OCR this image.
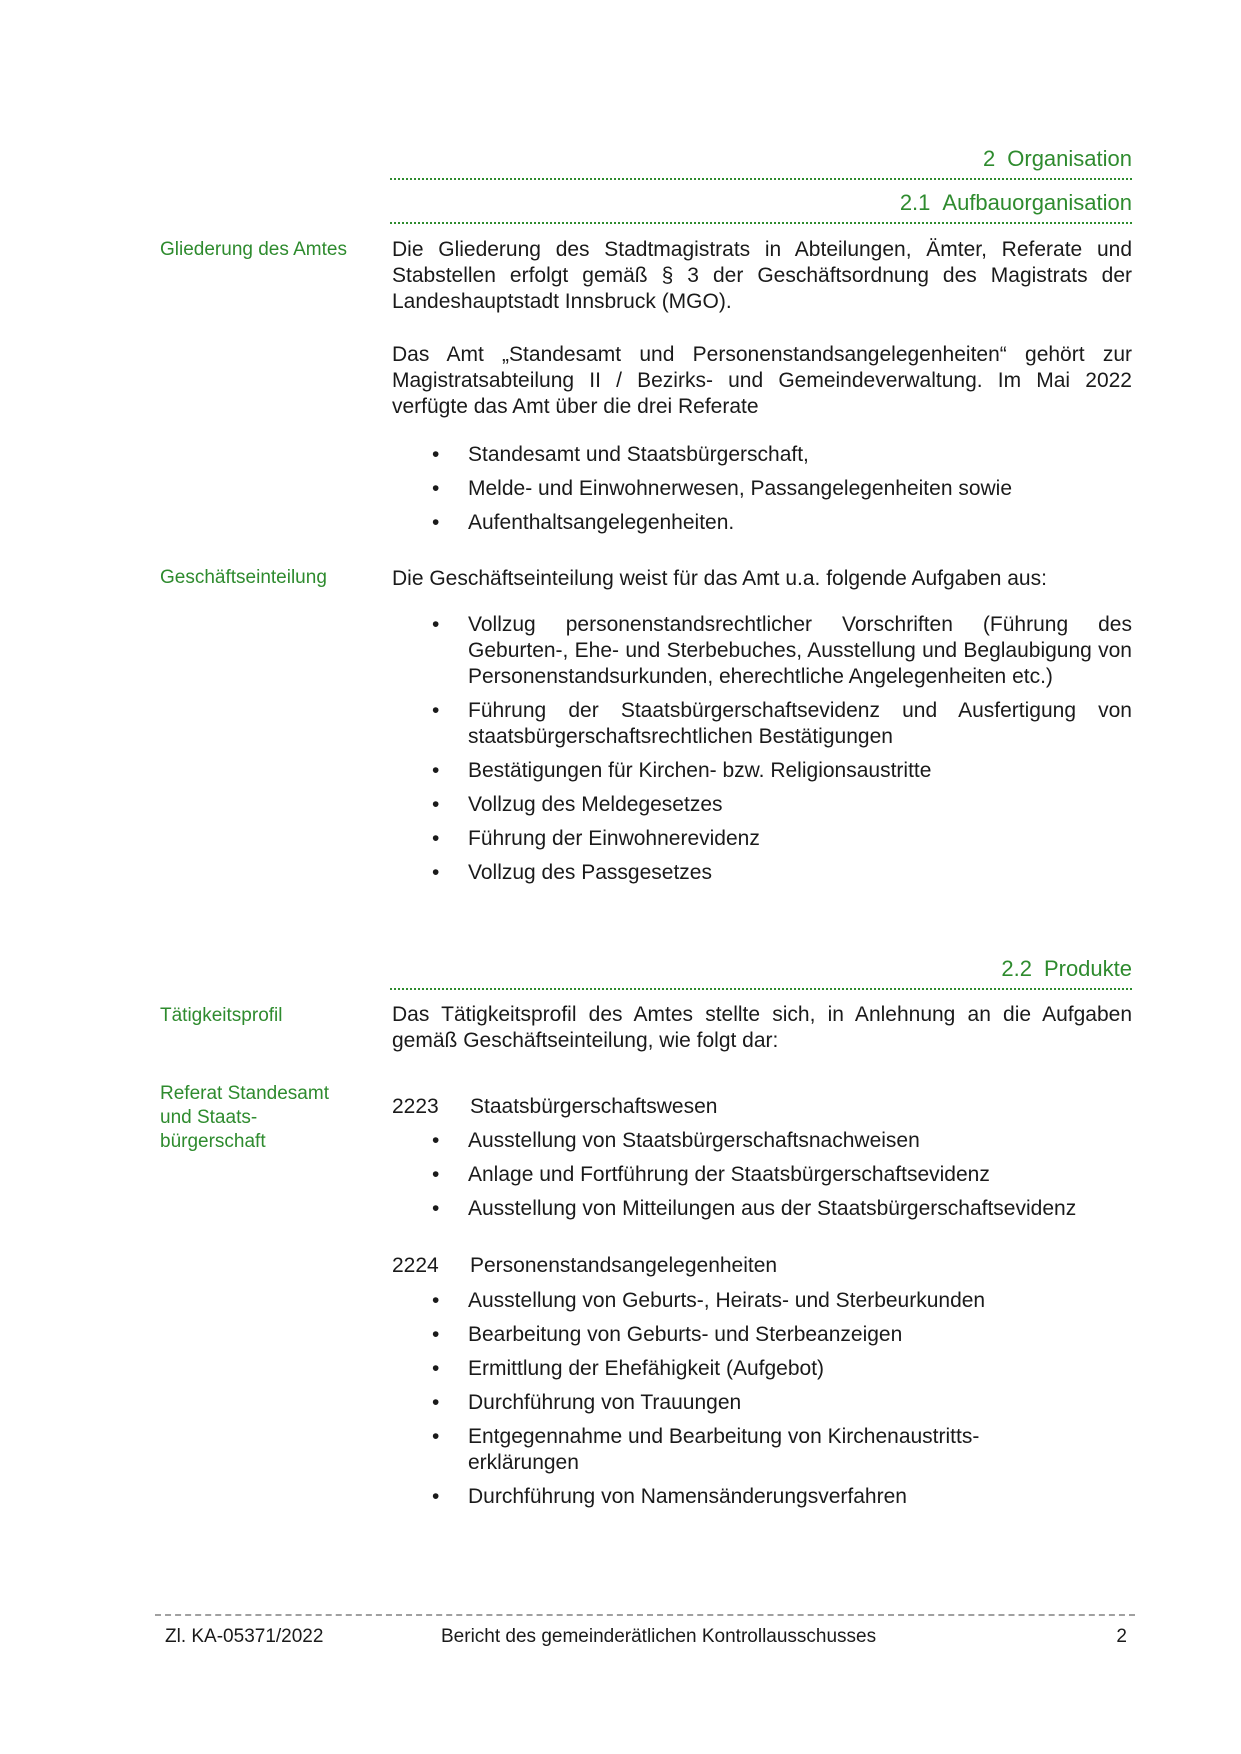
2 Organisation
2.1 Aufbauorganisation
Gliederung des Amtes	Die Gliederung des Stadtmagistrats in Abteilungen, Ämter, Referate und Stabstellen erfolgt gemäß § 3 der Geschäftsordnung des Magistrats der Landeshauptstadt Innsbruck (MGO).
Das Amt „Standesamt und Personenstandsangelegenheiten“ gehört zur Magistratsabteilung II / Bezirks- und Gemeindeverwaltung. Im Mai 2022 verfügte das Amt über die drei Referate
• Standesamt und Staatsbürgerschaft,
• Melde- und Einwohnerwesen, Passangelegenheiten sowie
• Aufenthaltsangelegenheiten.
Geschäftseinteilung	Die Geschäftseinteilung weist für das Amt u.a. folgende Aufgaben aus:
• Vollzug personenstandsrechtlicher Vorschriften (Führung des Geburten-, Ehe- und Sterbebuches, Ausstellung und Beglaubigung von Personenstandsurkunden, eherechtliche Angelegenheiten etc.)
• Führung der Staatsbürgerschaftsevidenz und Ausfertigung von staatsbürgerschaftsrechtlichen Bestätigungen
• Bestätigungen für Kirchen- bzw. Religionsaustritte
• Vollzug des Meldegesetzes
• Führung der Einwohnerevidenz
• Vollzug des Passgesetzes
2.2 Produkte
Tätigkeitsprofil	Das Tätigkeitsprofil des Amtes stellte sich, in Anlehnung an die Aufgaben gemäß Geschäftseinteilung, wie folgt dar:
Referat Standesamt und Staats-bürgerschaft
2223 Staatsbürgerschaftswesen
• Ausstellung von Staatsbürgerschaftsnachweisen
• Anlage und Fortführung der Staatsbürgerschaftsevidenz
• Ausstellung von Mitteilungen aus der Staatsbürgerschaftsevidenz
2224 Personenstandsangelegenheiten
• Ausstellung von Geburts-, Heirats- und Sterbeurkunden
• Bearbeitung von Geburts- und Sterbeanzeigen
• Ermittlung der Ehefähigkeit (Aufgebot)
• Durchführung von Trauungen
• Entgegennahme und Bearbeitung von Kirchenaustritts-erklärungen
• Durchführung von Namensänderungsverfahren
Zl. KA-05371/2022	Bericht des gemeinderätlichen Kontrollausschusses	2
